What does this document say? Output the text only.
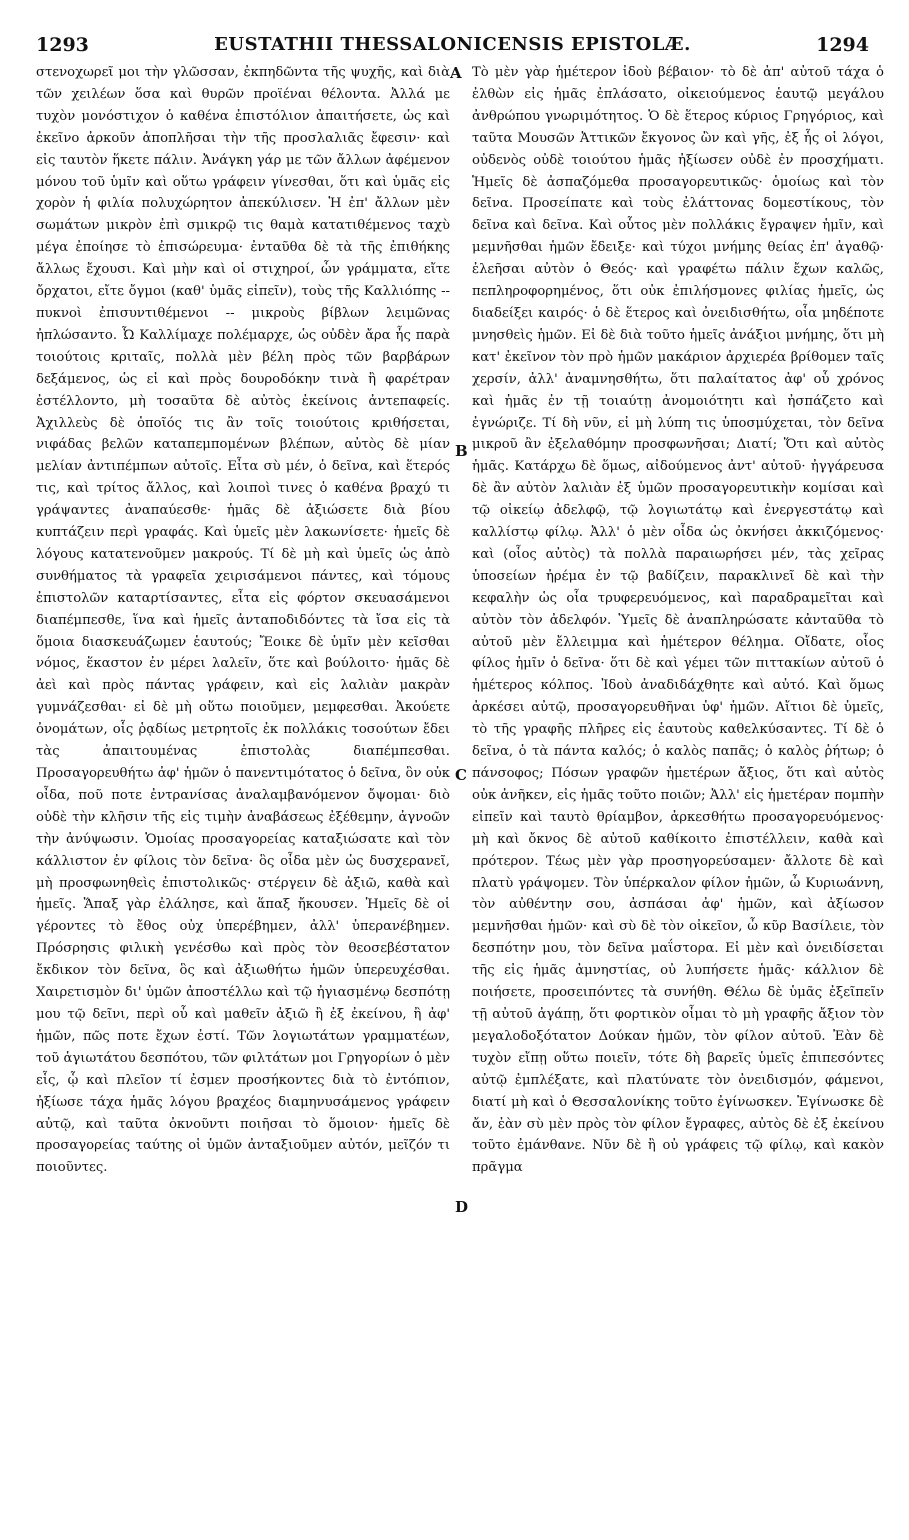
1293	EUSTATHII THESSALONICENSIS EPISTOLÆ.	1294

στενοχωρεῖ μοι τὴν γλῶσσαν, ἐκπηδῶντα τῆς ψυχῆς, καὶ διὰ τῶν χειλέων ὅσα καὶ θυρῶν προϊέναι θέλοντα. Ἀλλά με τυχὸν μονόστιχον ὁ καθένα ἐπιστόλιον ἀπαιτήσετε, ὡς καὶ ἐκεῖνο ἀρκοῦν ἀποπλῆσαι τὴν τῆς προσλαλιᾶς ἔφεσιν· καὶ εἰς ταυτὸν ἥκετε πάλιν. Ἀνάγκη γάρ με τῶν ἄλλων ἀφέμενον μόνου τοῦ ὑμῖν καὶ οὕτω γράφειν γίνεσθαι, ὅτι καὶ ὑμᾶς εἰς χορὸν ἡ φιλία πολυχώρητον ἀπεκύλισεν. Ἡ ἐπ' ἄλλων μὲν σωμάτων μικρὸν ἐπὶ σμικρῷ τις θαμὰ κατατιθέμενος ταχὺ μέγα ἐποίησε τὸ ἐπισώρευμα· ἐνταῦθα δὲ τὰ τῆς ἐπιθήκης ἄλλως ἔχουσι. Καὶ μὴν καὶ οἱ στιχηροί, ὧν γράμματα, εἴτε ὄρχατοι, εἴτε ὄγμοι (καθ' ὑμᾶς εἰπεῖν), τοὺς τῆς Καλλιόπης -- πυκνοὶ ἐπισυντιθέμενοι -- μικροὺς βίβλων λειμῶνας ἠπλώσαντο. Ὦ Καλλίμαχε πολέμαρχε, ὡς οὐδὲν ἄρα ἧς παρὰ τοιούτοις κριταῖς, πολλὰ μὲν βέλη πρὸς τῶν βαρβάρων δεξάμενος, ὡς εἰ καὶ πρὸς δουροδόκην τινὰ ἢ φαρέτραν ἐστέλλοντο, μὴ τοσαῦτα δὲ αὐτὸς ἐκείνοις ἀντεπαφείς. Ἀχιλλεὺς δὲ ὁποῖός τις ἂν τοῖς τοιούτοις κριθήσεται, νιφάδας βελῶν καταπεμπομένων βλέπων, αὐτὸς δὲ μίαν μελίαν ἀντιπέμπων αὐτοῖς. Εἶτα σὺ μέν, ὁ δεῖνα, καὶ ἕτερός τις, καὶ τρίτος ἄλλος, καὶ λοιποὶ τινες ὁ καθένα βραχύ τι γράψαντες ἀναπαύεσθε· ἡμᾶς δὲ ἀξιώσετε διὰ βίου κυπτάζειν περὶ γραφάς. Καὶ ὑμεῖς μὲν λακωνίσετε· ἡμεῖς δὲ λόγους κατατενοῦμεν μακρούς. Τί δὲ μὴ καὶ ὑμεῖς ὡς ἀπὸ συνθήματος τὰ γραφεῖα χειρισάμενοι πάντες, καὶ τόμους ἐπιστολῶν καταρτίσαντες, εἶτα εἰς φόρτον σκευασάμενοι διαπέμπεσθε, ἵνα καὶ ἡμεῖς ἀνταποδιδόντες τὰ ἴσα εἰς τὰ ὅμοια διασκευάζωμεν ἑαυτούς; Ἔοικε δὲ ὑμῖν μὲν κεῖσθαι νόμος, ἕκαστον ἐν μέρει λαλεῖν, ὅτε καὶ βούλοιτο· ἡμᾶς δὲ ἀεὶ καὶ πρὸς πάντας γράφειν, καὶ εἰς λαλιὰν μακρὰν γυμνάζεσθαι· εἰ δὲ μὴ οὕτω ποιοῦμεν, μεμφεσθαι. Ἀκούετε ὀνομάτων, οἷς ῥᾳδίως μετρητοῖς ἐκ πολλάκις τοσούτων ἔδει τὰς ἀπαιτουμένας ἐπιστολὰς διαπέμπεσθαι. Προσαγορευθήτω ἀφ' ἡμῶν ὁ πανεντιμότατος ὁ δεῖνα, ὃν οὐκ οἶδα, ποῦ ποτε ἐντρανίσας ἀναλαμβανόμενον ὄψομαι· διὸ οὐδὲ τὴν κλῆσιν τῆς εἰς τιμὴν ἀναβάσεως ἐξέθεμην, ἀγνοῶν τὴν ἀνύψωσιν. Ὁμοίας προσαγορείας καταξιώσατε καὶ τὸν κάλλιστον ἐν φίλοις τὸν δεῖνα· ὃς οἶδα μὲν ὡς δυσχερανεῖ, μὴ προσφωνηθεὶς ἐπιστολικῶς· στέργειν δὲ ἀξιῶ, καθὰ καὶ ἡμεῖς. Ἅπαξ γὰρ ἐλάλησε, καὶ ἅπαξ ἤκουσεν. Ἡμεῖς δὲ οἱ γέροντες τὸ ἔθος οὐχ ὑπερέβημεν, ἀλλ' ὑπερανέβημεν. Πρόσρησις φιλικὴ γενέσθω καὶ πρὸς τὸν θεοσεβέστατον ἔκδικον τὸν δεῖνα, ὃς καὶ ἀξιωθήτω ἡμῶν ὑπερευχέσθαι. Χαιρετισμὸν δι' ὑμῶν ἀποστέλλω καὶ τῷ ἠγιασμένῳ δεσπότῃ μου τῷ δεῖνι, περὶ οὗ καὶ μαθεῖν ἀξιῶ ἢ ἐξ ἐκείνου, ἢ ἀφ' ἡμῶν, πῶς ποτε ἔχων ἐστί. Τῶν λογιωτάτων γραμματέων, τοῦ ἁγιωτάτου δεσπότου, τῶν φιλτάτων μοι Γρηγορίων ὁ μὲν εἷς, ᾧ καὶ πλεῖον τί ἐσμεν προσήκοντες διὰ τὸ ἐντόπιον, ἠξίωσε τάχα ἡμᾶς λόγου βραχέος διαμηνυσάμενος γράφειν αὐτῷ, καὶ ταῦτα ὀκνοῦντι ποιῆσαι τὸ ὅμοιον· ἡμεῖς δὲ προσαγορείας ταύτης οἱ ὑμῶν ἀνταξιοῦμεν αὐτόν, μεῖζόν τι ποιοῦντες.

A
B
C
D

Τὸ μὲν γὰρ ἡμέτερον ἰδοὺ βέβαιον· τὸ δὲ ἀπ' αὐτοῦ τάχα ὁ ἐλθὼν εἰς ἡμᾶς ἐπλάσατο, οἰκειούμενος ἑαυτῷ μεγάλου ἀνθρώπου γνωριμότητος. Ὁ δὲ ἕτερος κύριος Γρηγόριος, καὶ ταῦτα Μουσῶν Ἀττικῶν ἔκγονος ὢν καὶ γῆς, ἐξ ἧς οἱ λόγοι, οὐδενὸς οὐδὲ τοιούτου ἡμᾶς ἠξίωσεν οὐδὲ ἐν προσχήματι. Ἡμεῖς δὲ ἀσπαζόμεθα προσαγορευτικῶς· ὁμοίως καὶ τὸν δεῖνα. Προσείπατε καὶ τοὺς ἐλάττονας δομεστίκους, τὸν δεῖνα καὶ δεῖνα. Καὶ οὗτος μὲν πολλάκις ἔγραψεν ἡμῖν, καὶ μεμνῆσθαι ἡμῶν ἔδειξε· καὶ τύχοι μνήμης θείας ἐπ' ἀγαθῷ· ἐλεῆσαι αὐτὸν ὁ Θεός· καὶ γραφέτω πάλιν ἔχων καλῶς, πεπληροφορημένος, ὅτι οὐκ ἐπιλήσμονες φιλίας ἡμεῖς, ὡς διαδείξει καιρός· ὁ δὲ ἕτερος καὶ ὀνειδισθήτω, οἷα μηδέποτε μνησθεὶς ἡμῶν. Εἰ δὲ διὰ τοῦτο ἡμεῖς ἀνάξιοι μνήμης, ὅτι μὴ κατ' ἐκεῖνον τὸν πρὸ ἡμῶν μακάριον ἀρχιερέα βρίθομεν ταῖς χερσίν, ἀλλ' ἀναμνησθήτω, ὅτι παλαίτατος ἀφ' οὗ χρόνος καὶ ἡμᾶς ἐν τῇ τοιαύτῃ ἀνομοιότητι καὶ ἠσπάζετο καὶ ἐγνώριζε. Τί δὴ νῦν, εἰ μὴ λύπη τις ὑποσμύχεται, τὸν δεῖνα μικροῦ ἂν ἐξελαθόμην προσφωνῆσαι; Διατί; Ὅτι καὶ αὐτὸς ἡμᾶς. Κατάρχω δὲ ὅμως, αἰδούμενος ἀντ' αὐτοῦ· ἠγγάρευσα δὲ ἂν αὐτὸν λαλιὰν ἐξ ὑμῶν προσαγορευτικὴν κομίσαι καὶ τῷ οἰκείῳ ἀδελφῷ, τῷ λογιωτάτῳ καὶ ἐνεργεστάτῳ καὶ καλλίστῳ φίλῳ. Ἀλλ' ὁ μὲν οἶδα ὡς ὀκνήσει ἀκκιζόμενος· καὶ (οἷος αὐτὸς) τὰ πολλὰ παραιωρήσει μέν, τὰς χεῖρας ὑποσείων ἠρέμα ἐν τῷ βαδίζειν, παρακλινεῖ δὲ καὶ τὴν κεφαλὴν ὡς οἷα τρυφερευόμενος, καὶ παραδραμεῖται καὶ αὐτὸν τὸν ἀδελφόν. Ὑμεῖς δὲ ἀναπληρώσατε κἀνταῦθα τὸ αὐτοῦ μὲν ἔλλειμμα καὶ ἡμέτερον θέλημα. Οἴδατε, οἷος φίλος ἡμῖν ὁ δεῖνα· ὅτι δὲ καὶ γέμει τῶν πιττακίων αὐτοῦ ὁ ἡμέτερος κόλπος. Ἰδοὺ ἀναδιδάχθητε καὶ αὐτό. Καὶ ὅμως ἀρκέσει αὐτῷ, προσαγορευθῆναι ὑφ' ἡμῶν. Αἴτιοι δὲ ὑμεῖς, τὸ τῆς γραφῆς πλῆρες εἰς ἑαυτοὺς καθελκύσαντες. Τί δὲ ὁ δεῖνα, ὁ τὰ πάντα καλός; ὁ καλὸς παπᾶς; ὁ καλὸς ῥήτωρ; ὁ πάνσοφος; Πόσων γραφῶν ἡμετέρων ἄξιος, ὅτι καὶ αὐτὸς οὐκ ἀνῆκεν, εἰς ἡμᾶς τοῦτο ποιῶν; Ἀλλ' εἰς ἡμετέραν πομπὴν εἰπεῖν καὶ ταυτὸ θρίαμβον, ἀρκεσθήτω προσαγορευόμενος· μὴ καὶ ὄκνος δὲ αὐτοῦ καθίκοιτο ἐπιστέλλειν, καθὰ καὶ πρότερον. Τέως μὲν γὰρ προσηγορεύσαμεν· ἄλλοτε δὲ καὶ πλατὺ γράψομεν. Τὸν ὑπέρκαλον φίλον ἡμῶν, ὦ Κυριωάννη, τὸν αὐθέντην σου, ἀσπάσαι ἀφ' ἡμῶν, καὶ ἀξίωσον μεμνῆσθαι ἡμῶν· καὶ σὺ δὲ τὸν οἰκεῖον, ὦ κῦρ Βασίλειε, τὸν δεσπότην μου, τὸν δεῖνα μαΐστορα. Εἰ μὲν καὶ ὀνειδίσεται τῆς εἰς ἡμᾶς ἀμνηστίας, οὐ λυπήσετε ἡμᾶς· κάλλιον δὲ ποιήσετε, προσειπόντες τὰ συνήθη. Θέλω δὲ ὑμᾶς ἐξεῖπεῖν τῇ αὐτοῦ ἀγάπῃ, ὅτι φορτικὸν οἶμαι τὸ μὴ γραφῆς ἄξιον τὸν μεγαλοδοξότατον Δούκαν ἡμῶν, τὸν φίλον αὐτοῦ. Ἐὰν δὲ τυχὸν εἴπῃ οὕτω ποιεῖν, τότε δὴ βαρεῖς ὑμεῖς ἐπιπεσόντες αὐτῷ ἐμπλέξατε, καὶ πλατύνατε τὸν ὀνειδισμόν, φάμενοι, διατί μὴ καὶ ὁ Θεσσαλονίκης τοῦτο ἐγίνωσκεν. Ἐγίνωσκε δὲ ἄν, ἐὰν σὺ μὲν πρὸς τὸν φίλον ἔγραφες, αὐτὸς δὲ ἐξ ἐκείνου τοῦτο ἐμάνθανε. Νῦν δὲ ἢ οὐ γράφεις τῷ φίλῳ, καὶ κακὸν πρᾶγμα
